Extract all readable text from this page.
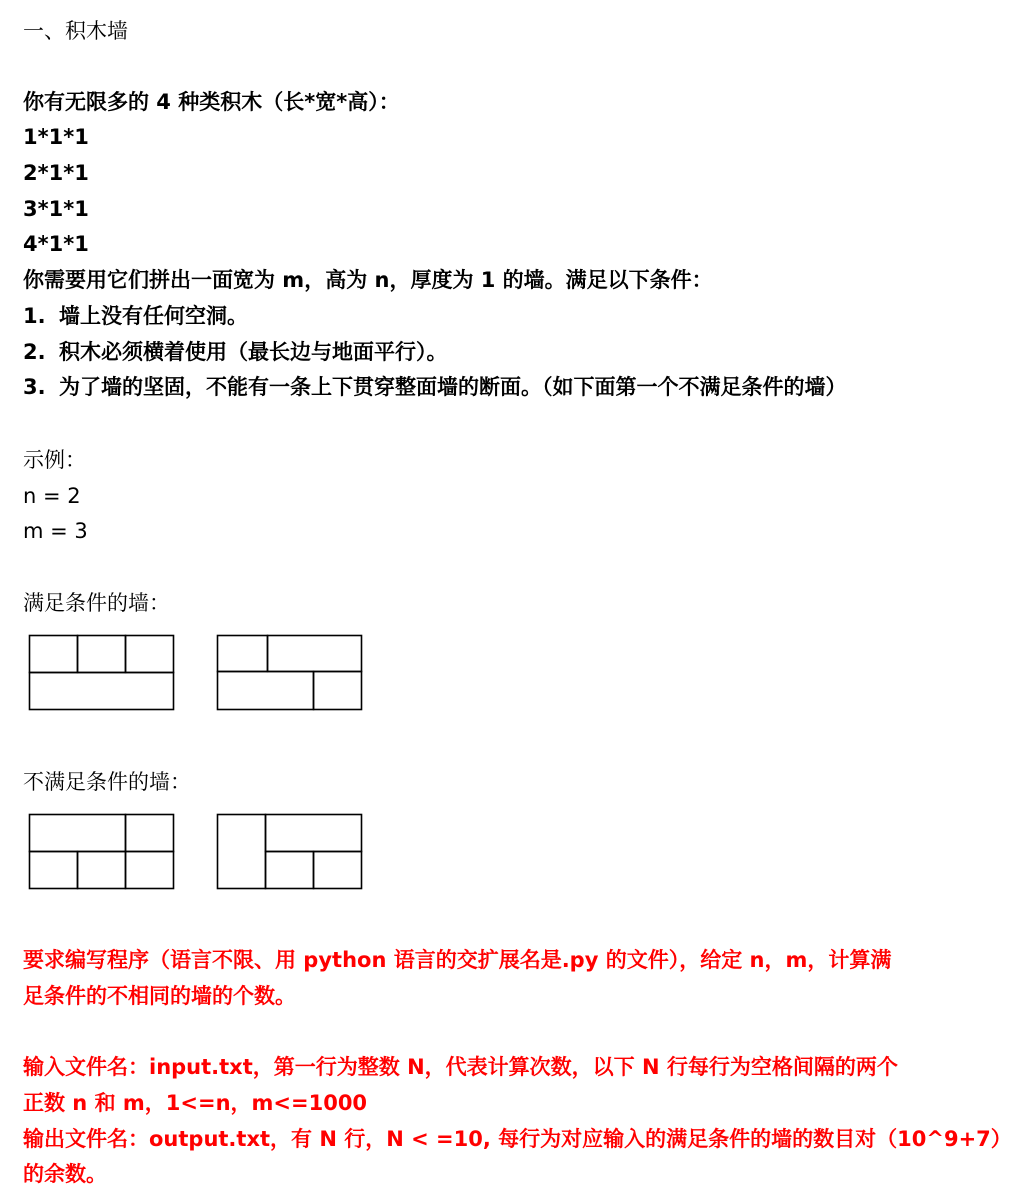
一、积木墙
你有无限多的 4 种类积木（长*宽*高）：
1*1*1
2*1*1
3*1*1
4*1*1
你需要用它们拼出一面宽为 m，高为 n，厚度为 1 的墙。满足以下条件：
1. 墙上没有任何空洞。
2. 积木必须横着使用（最长边与地面平行）。
3. 为了墙的坚固，不能有一条上下贯穿整面墙的断面。（如下面第一个不满足条件的墙）
示例：
n = 2
m = 3
满足条件的墙：
不满足条件的墙：
要求编写程序（语言不限、用 python 语言的交扩展名是.py 的文件），给定 n，m，计算满
足条件的不相同的墙的个数。
输入文件名：input.txt，第一行为整数 N，代表计算次数，以下 N 行每行为空格间隔的两个
正数 n 和 m，1<=n，m<=1000
输出文件名：output.txt，有 N 行，N < =10, 每行为对应输入的满足条件的墙的数目对（10^9+7）
的余数。
